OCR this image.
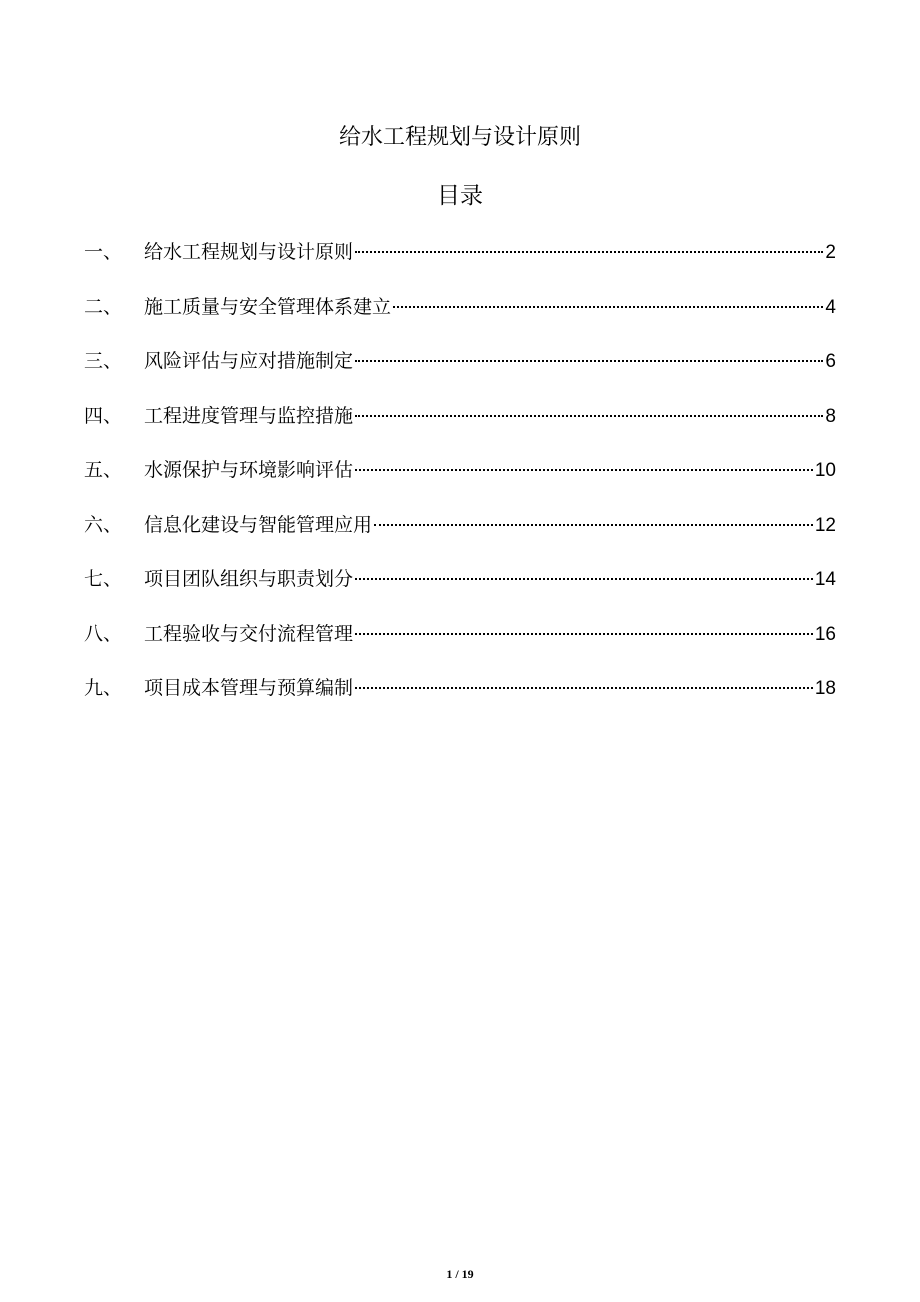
给水工程规划与设计原则
目录
一、	给水工程规划与设计原则	2
二、	施工质量与安全管理体系建立	4
三、	风险评估与应对措施制定	6
四、	工程进度管理与监控措施	8
五、	水源保护与环境影响评估	10
六、	信息化建设与智能管理应用	12
七、	项目团队组织与职责划分	14
八、	工程验收与交付流程管理	16
九、	项目成本管理与预算编制	18
1 / 19
